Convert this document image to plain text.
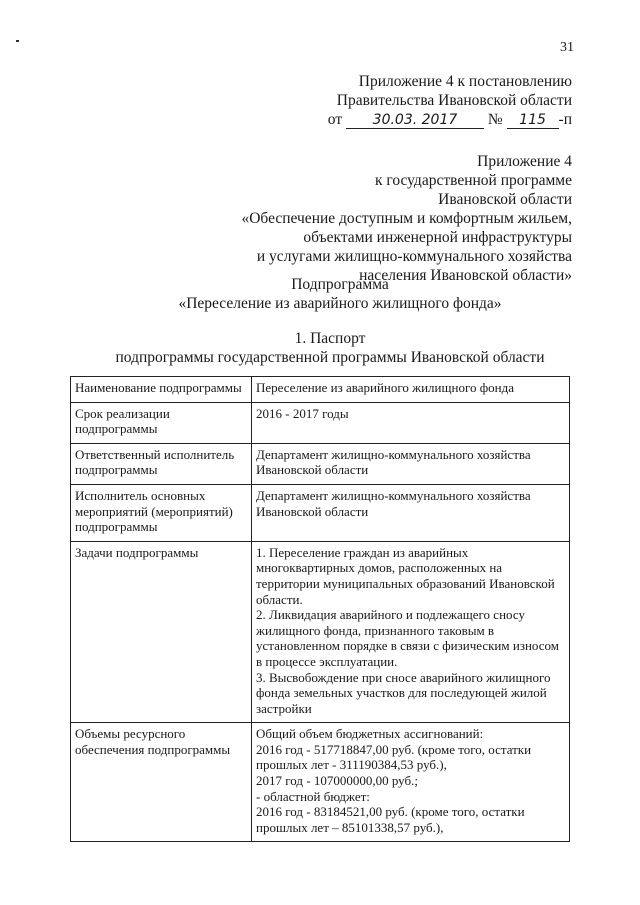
31
Приложение 4 к постановлению
Правительства Ивановской области
от 30.03. 2017 № 115 -п
Приложение 4
к государственной программе
Ивановской области
«Обеспечение доступным и комфортным жильем,
объектами инженерной инфраструктуры
и услугами жилищно-коммунального хозяйства
населения Ивановской области»
Подпрограмма
«Переселение из аварийного жилищного фонда»
1. Паспорт
подпрограммы государственной программы Ивановской области
Наименование подпрограммы	Переселение из аварийного жилищного фонда

Срок реализации подпрограммы	2016 - 2017 годы

Ответственный исполнитель подпрограммы	Департамент жилищно-коммунального хозяйства Ивановской области

Исполнитель основных мероприятий (мероприятий) подпрограммы	Департамент жилищно-коммунального хозяйства Ивановской области

Задачи подпрограммы	1. Переселение граждан из аварийных многоквартирных домов, расположенных на территории муниципальных образований Ивановской области.
2. Ликвидация аварийного и подлежащего сносу жилищного фонда, признанного таковым в установленном порядке в связи с физическим износом в процессе эксплуатации.
3. Высвобождение при сносе аварийного жилищного фонда земельных участков для последующей жилой застройки

Объемы ресурсного обеспечения подпрограммы	Общий объем бюджетных ассигнований:
2016 год - 517718847,00 руб. (кроме того, остатки прошлых лет - 311190384,53 руб.),
2017 год - 107000000,00 руб.;
- областной бюджет:
2016 год - 83184521,00 руб. (кроме того, остатки прошлых лет – 85101338,57 руб.),
